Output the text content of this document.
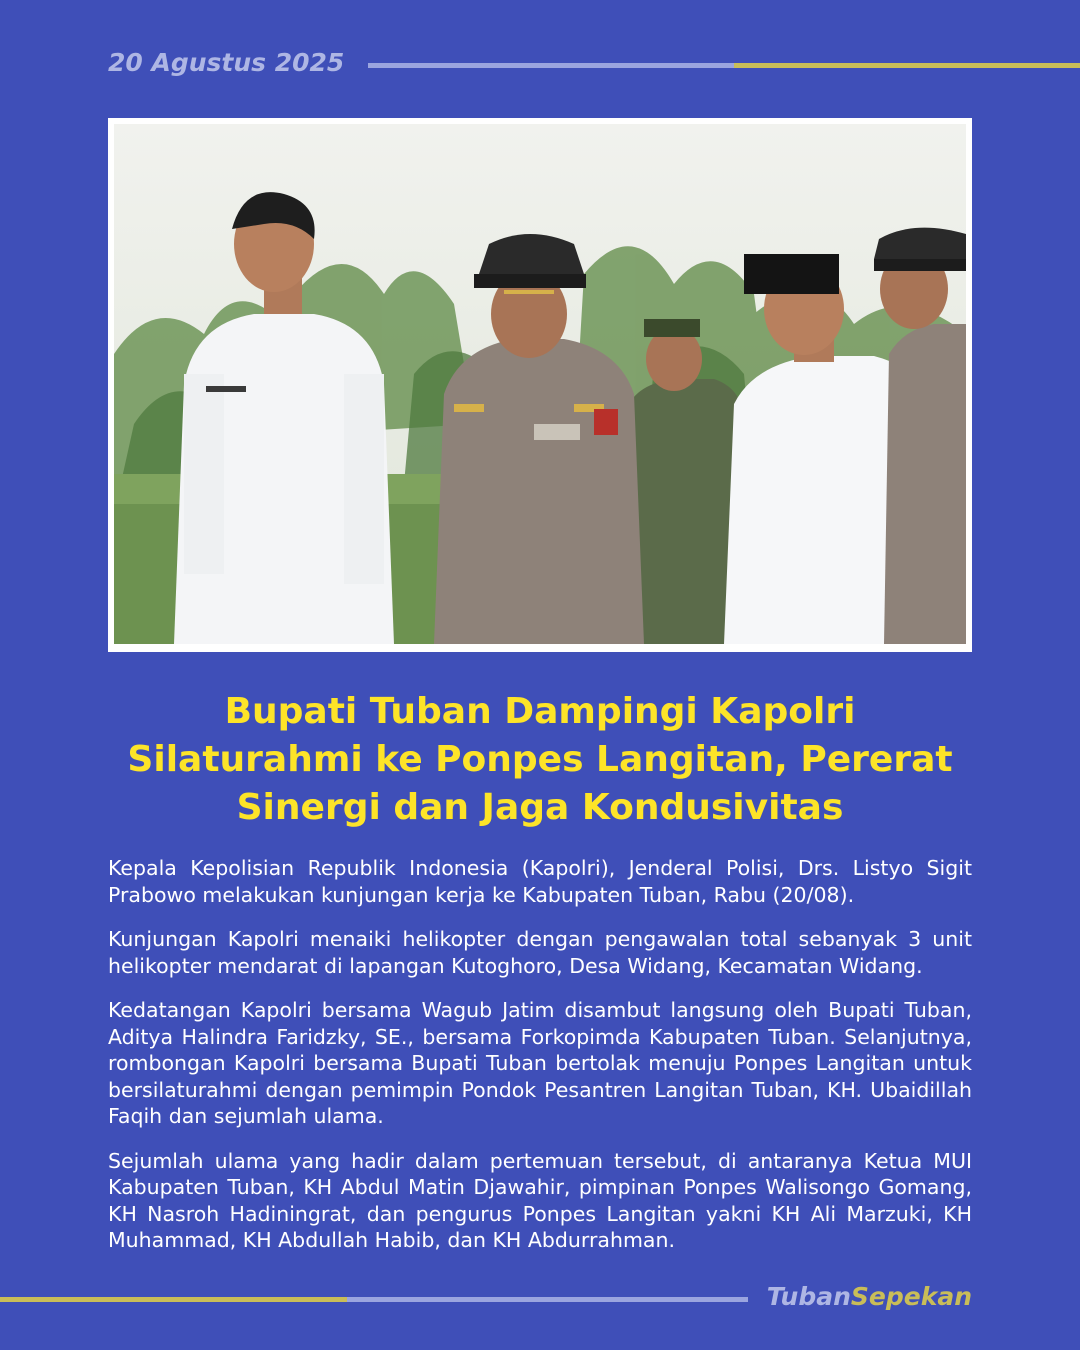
20 Agustus 2025
Bupati Tuban Dampingi Kapolri Silaturahmi ke Ponpes Langitan, Pererat Sinergi dan Jaga Kondusivitas

Kepala Kepolisian Republik Indonesia (Kapolri), Jenderal Polisi, Drs. Listyo Sigit Prabowo melakukan kunjungan kerja ke Kabupaten Tuban, Rabu (20/08).

Kunjungan Kapolri menaiki helikopter dengan pengawalan total sebanyak 3 unit helikopter mendarat di lapangan Kutoghoro, Desa Widang, Kecamatan Widang.

Kedatangan Kapolri bersama Wagub Jatim disambut langsung oleh Bupati Tuban, Aditya Halindra Faridzky, SE., bersama Forkopimda Kabupaten Tuban. Selanjutnya, rombongan Kapolri bersama Bupati Tuban bertolak menuju Ponpes Langitan untuk bersilaturahmi dengan pemimpin Pondok Pesantren Langitan Tuban, KH. Ubaidillah Faqih dan sejumlah ulama.

Sejumlah ulama yang hadir dalam pertemuan tersebut, di antaranya Ketua MUI Kabupaten Tuban, KH Abdul Matin Djawahir, pimpinan Ponpes Walisongo Gomang, KH Nasroh Hadiningrat, dan pengurus Ponpes Langitan yakni KH Ali Marzuki, KH Muhammad, KH Abdullah Habib, dan KH Abdurrahman.

TubanSepekan
